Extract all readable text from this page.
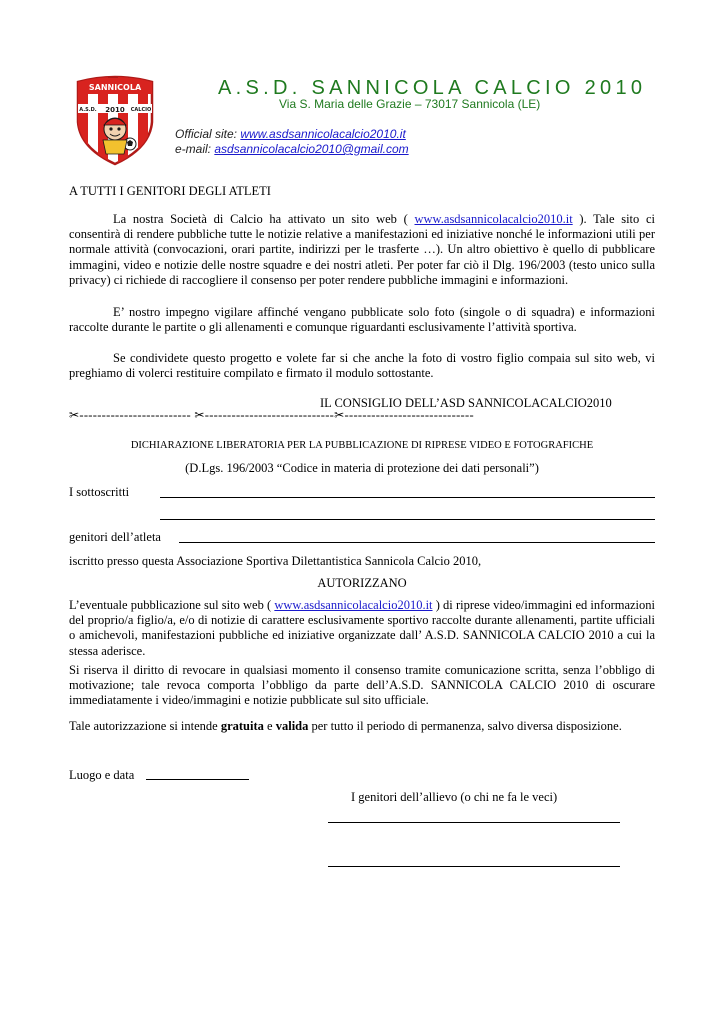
SANNICOLA
A.S.D. 2010 CALCIO
A.S.D. SANNICOLA CALCIO 2010
Via S. Maria delle Grazie – 73017 Sannicola (LE)
Official site: www.asdsannicolacalcio2010.it
e-mail: asdsannicolacalcio2010@gmail.com
A TUTTI I GENITORI DEGLI ATLETI
La nostra Società di Calcio ha attivato un sito web ( www.asdsannicolacalcio2010.it ). Tale sito ci consentirà di rendere pubbliche tutte le notizie relative a manifestazioni ed iniziative nonché le informazioni utili per normale attività (convocazioni, orari partite, indirizzi per le trasferte …). Un altro obiettivo è quello di pubblicare immagini, video e notizie delle nostre squadre e dei nostri atleti. Per poter far ciò il Dlg. 196/2003 (testo unico sulla privacy) ci richiede di raccogliere il consenso per poter rendere pubbliche immagini e informazioni.
E’ nostro impegno vigilare affinché vengano pubblicate solo foto (singole o di squadra) e informazioni raccolte durante le partite o gli allenamenti e comunque riguardanti esclusivamente l’attività sportiva.
Se condividete questo progetto e volete far si che anche la foto di vostro figlio compaia sul sito web, vi preghiamo di volerci restituire compilato e firmato il modulo sottostante.
IL CONSIGLIO DELL’ASD SANNICOLACALCIO2010
✂------------------------- ✂-----------------------------✂-----------------------------
DICHIARAZIONE LIBERATORIA PER LA PUBBLICAZIONE DI RIPRESE VIDEO E FOTOGRAFICHE
(D.Lgs. 196/2003 “Codice in materia di protezione dei dati personali”)
I sottoscritti
genitori dell’atleta
iscritto presso questa Associazione Sportiva Dilettantistica Sannicola Calcio 2010,
AUTORIZZANO
L’eventuale pubblicazione sul sito web ( www.asdsannicolacalcio2010.it ) di riprese video/immagini ed informazioni del proprio/a figlio/a, e/o di notizie di carattere esclusivamente sportivo raccolte durante allenamenti, partite ufficiali o amichevoli, manifestazioni pubbliche ed iniziative organizzate dall’ A.S.D. SANNICOLA CALCIO 2010 a cui la stessa aderisce.
Si riserva il diritto di revocare in qualsiasi momento il consenso tramite comunicazione scritta, senza l’obbligo di motivazione; tale revoca comporta l’obbligo da parte dell’A.S.D. SANNICOLA CALCIO 2010 di oscurare immediatamente i video/immagini e notizie pubblicate sul sito ufficiale.
Tale autorizzazione si intende gratuita e valida per tutto il periodo di permanenza, salvo diversa disposizione.
Luogo e data
I genitori dell’allievo (o chi ne fa le veci)
